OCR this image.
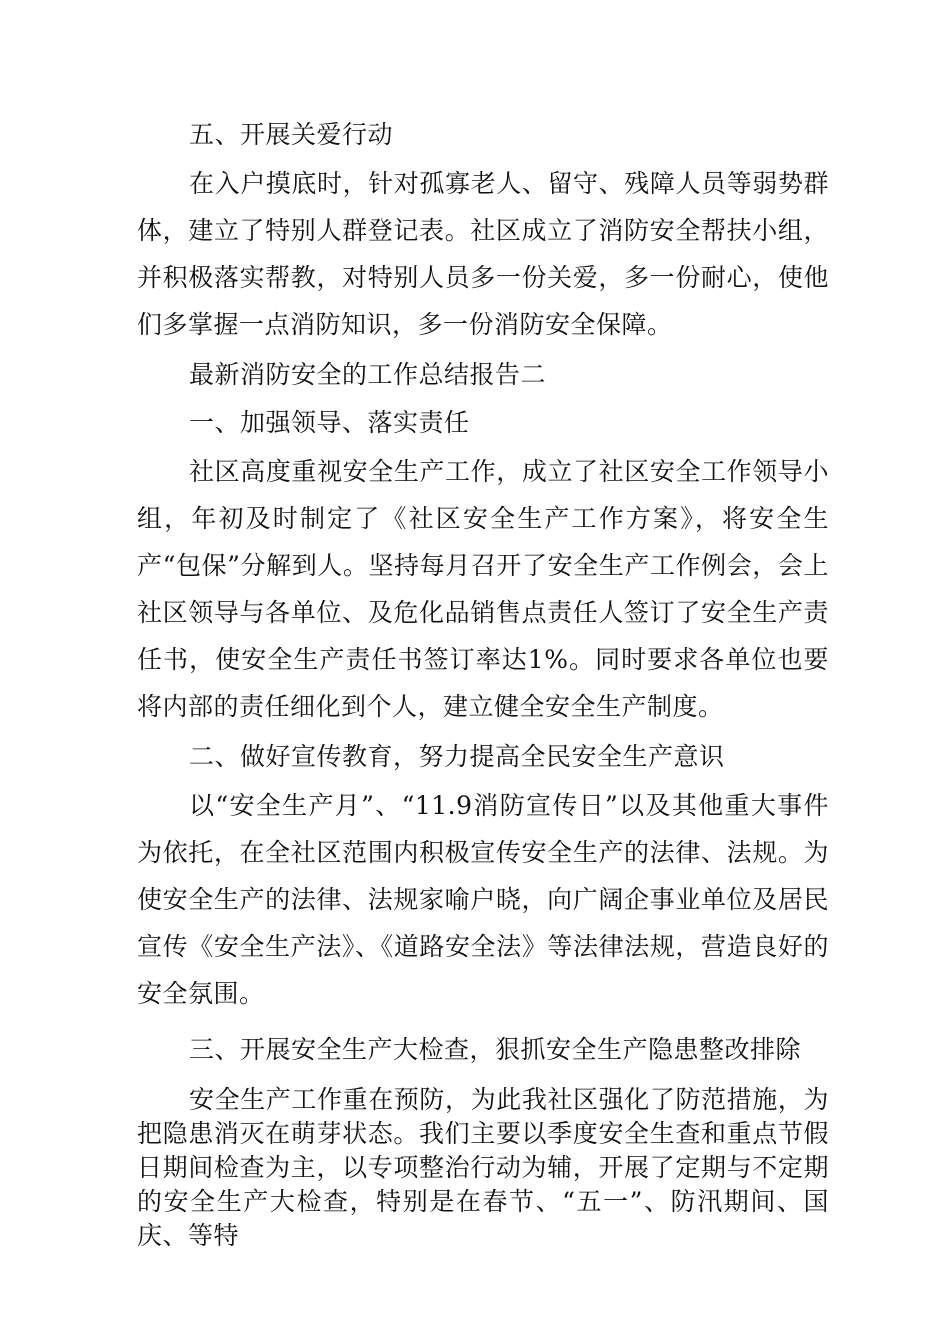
五、开展关爱行动

在入户摸底时，针对孤寡老人、留守、残障人员等弱势群体，建立了特别人群登记表。社区成立了消防安全帮扶小组，并积极落实帮教，对特别人员多一份关爱，多一份耐心，使他们多掌握一点消防知识，多一份消防安全保障。

最新消防安全的工作总结报告二

一、加强领导、落实责任

社区高度重视安全生产工作，成立了社区安全工作领导小组，年初及时制定了《社区安全生产工作方案》，将安全生产“包保”分解到人。坚持每月召开了安全生产工作例会，会上社区领导与各单位、及危化品销售点责任人签订了安全生产责任书，使安全生产责任书签订率达1%。同时要求各单位也要将内部的责任细化到个人，建立健全安全生产制度。

二、做好宣传教育，努力提高全民安全生产意识

以“安全生产月”、“11.9消防宣传日”以及其他重大事件为依托，在全社区范围内积极宣传安全生产的法律、法规。为使安全生产的法律、法规家喻户晓，向广阔企事业单位及居民宣传《安全生产法》、《道路安全法》等法律法规，营造良好的安全氛围。

三、开展安全生产大检查，狠抓安全生产隐患整改排除

安全生产工作重在预防，为此我社区强化了防范措施，为把隐患消灭在萌芽状态。我们主要以季度安全生查和重点节假日期间检查为主，以专项整治行动为辅，开展了定期与不定期的安全生产大检查，特别是在春节、“五一”、防汛期间、国庆、等特
